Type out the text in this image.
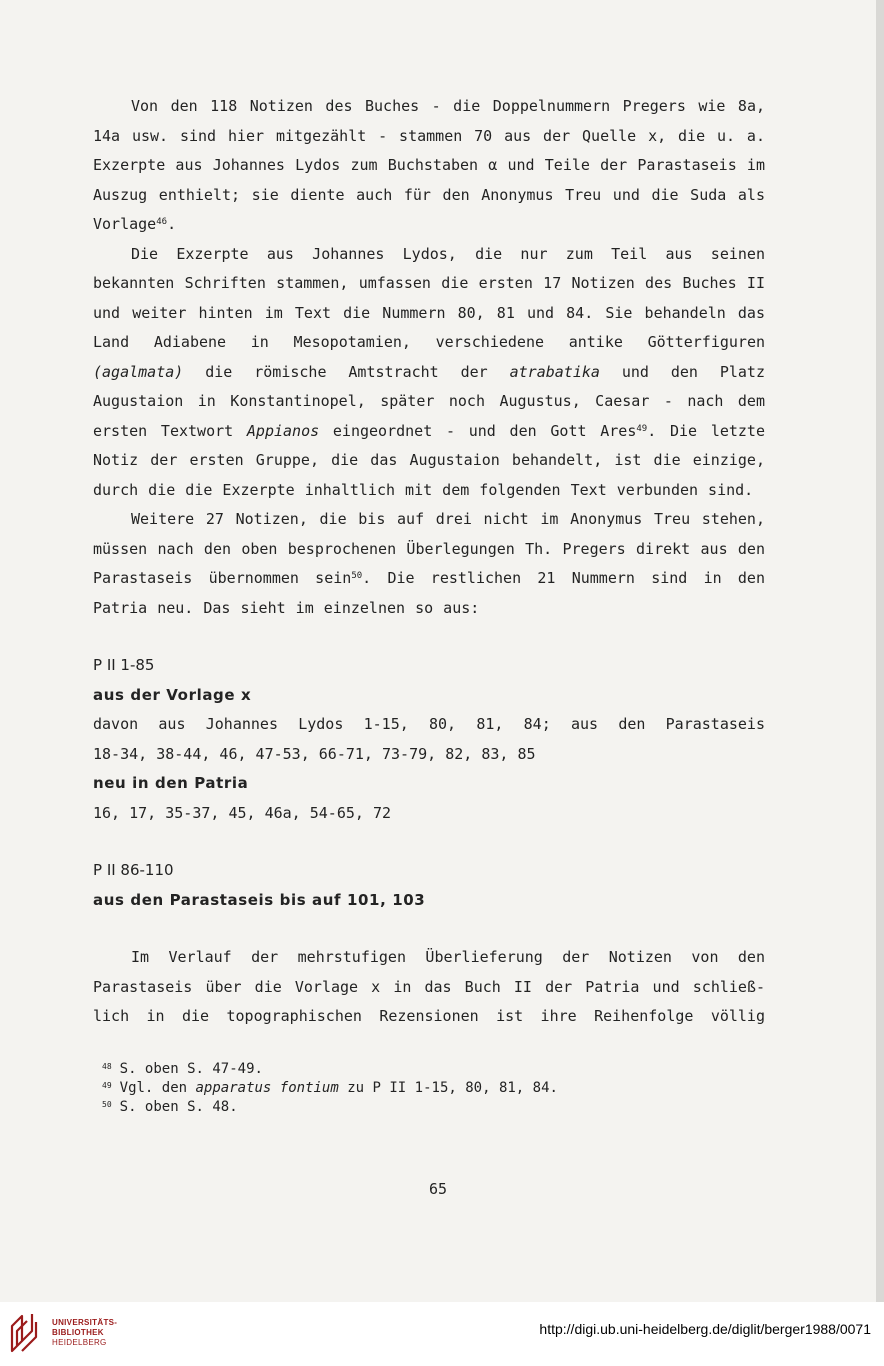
Von den 118 Notizen des Buches - die Doppelnummern Pregers wie 8a, 14a usw. sind hier mitgezählt - stammen 70 aus der Quelle x, die u. a. Exzerpte aus Johannes Lydos zum Buchstaben α und Teile der Parastaseis im Auszug enthielt; sie diente auch für den Anonymus Treu und die Suda als Vorlage$^{46}$.

Die Exzerpte aus Johannes Lydos, die nur zum Teil aus seinen bekannten Schriften stammen, umfassen die ersten 17 Notizen des Buches II und weiter hinten im Text die Nummern 80, 81 und 84. Sie behandeln das Land Adiabene in Mesopotamien, verschiedene antike Götterfiguren (agalmata) die römische Amtstracht der atrabatika und den Platz Augustaion in Konstantinopel, später noch Augustus, Caesar - nach dem ersten Textwort Appianos eingeordnet - und den Gott Ares$^{49}$. Die letzte Notiz der ersten Gruppe, die das Augustaion behandelt, ist die einzige, durch die die Exzerpte inhaltlich mit dem folgenden Text verbunden sind.

Weitere 27 Notizen, die bis auf drei nicht im Anonymus Treu stehen, müssen nach den oben besprochenen Überlegungen Th. Pregers direkt aus den Parastaseis übernommen sein$^{50}$. Die restlichen 21 Nummern sind in den Patria neu. Das sieht im einzelnen so aus:

P II 1-85

aus der Vorlage x

davon aus Johannes Lydos 1-15, 80, 81, 84; aus den Parastaseis

18-34, 38-44, 46, 47-53, 66-71, 73-79, 82, 83, 85

neu in den Patria

16, 17, 35-37, 45, 46a, 54-65, 72

P II 86-110

aus den Parastaseis bis auf 101, 103

Im Verlauf der mehrstufigen Überlieferung der Notizen von den

Parastaseis über die Vorlage x in das Buch II der Patria und schließ-

lich in die topographischen Rezensionen ist ihre Reihenfolge völlig

$^{48}$ S. oben S. 47-49.

$^{49}$ Vgl. den apparatus fontium zu P II 1-15, 80, 81, 84.

$^{50}$ S. oben S. 48.

65
UNIVERSITÄTS-
BIBLIOTHEK
HEIDELBERG
http://digi.ub.uni-heidelberg.de/diglit/berger1988/0071
